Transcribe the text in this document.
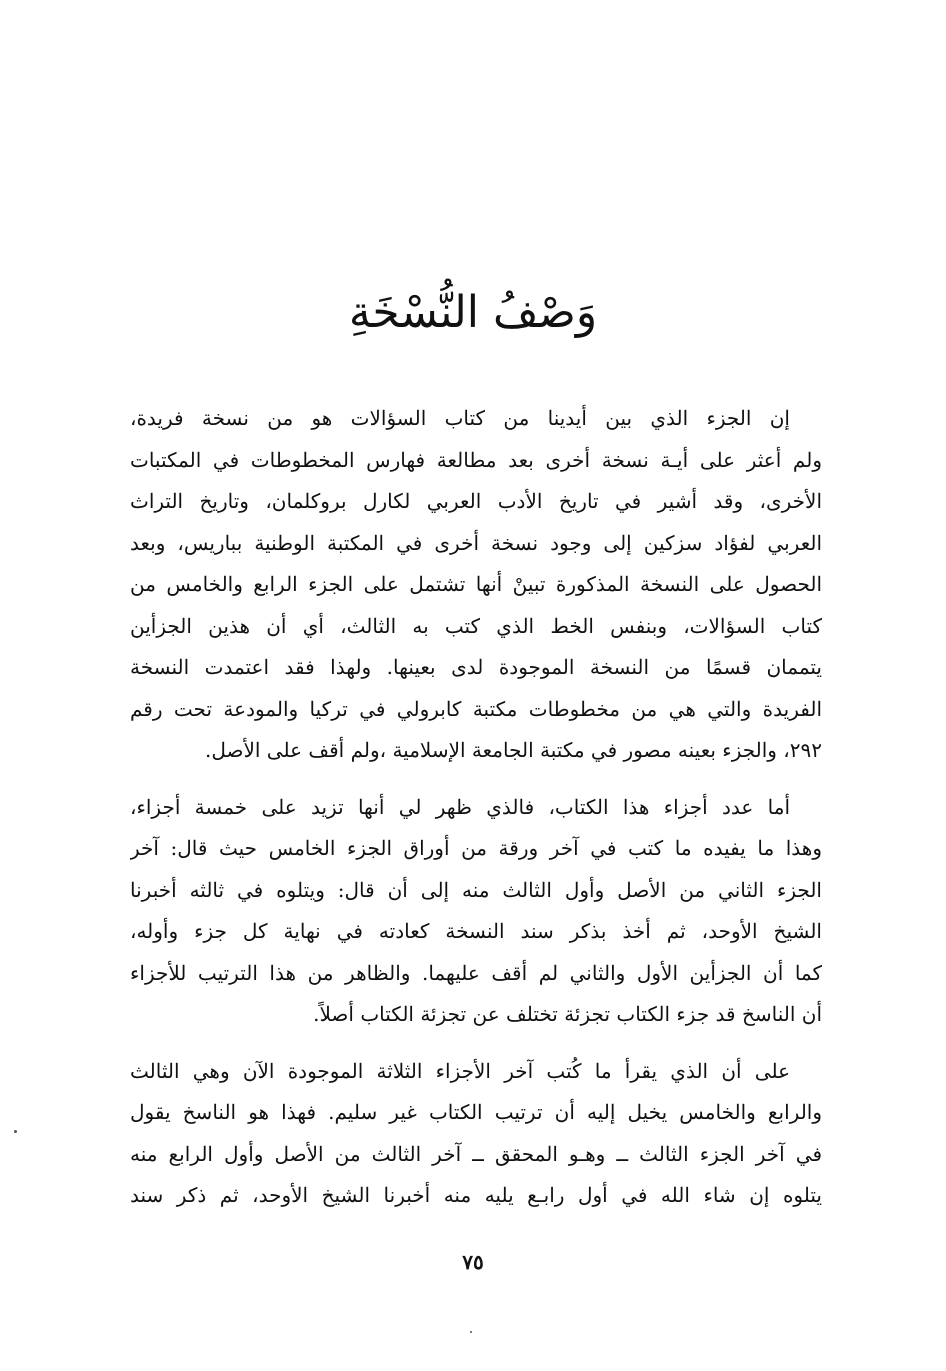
وَصْفُ النُّسْخَةِ
إن الجزء الذي بين أيدينا من كتاب السؤالات هو من نسخة فريدة،
ولم أعثر على أيـة نسخة أخرى بعد مطالعة فهارس المخطوطات في المكتبات
الأخرى، وقد أشير في تاريخ الأدب العربي لكارل بروكلمان، وتاريخ التراث
العربي لفؤاد سزكين إلى وجود نسخة أخرى في المكتبة الوطنية بباريس، وبعد
الحصول على النسخة المذكورة تبينْ أنها تشتمل على الجزء الرابع والخامس من
كتاب السؤالات، وبنفس الخط الذي كتب به الثالث، أي أن هذين الجزأين
يتممان قسمًا من النسخة الموجودة لدى بعينها. ولهذا فقد اعتمدت النسخة
الفريدة والتي هي من مخطوطات مكتبة كابرولي في تركيا والمودعة تحت رقم
٢٩٢، والجزء بعينه مصور في مكتبة الجامعة الإسلامية ،ولم أقف على الأصل.
أما عدد أجزاء هذا الكتاب، فالذي ظهر لي أنها تزيد على خمسة أجزاء،
وهذا ما يفيده ما كتب في آخر ورقة من أوراق الجزء الخامس حيث قال: آخر
الجزء الثاني من الأصل وأول الثالث منه إلى أن قال: ويتلوه في ثالثه أخبرنا
الشيخ الأوحد، ثم أخذ بذكر سند النسخة كعادته في نهاية كل جزء وأوله،
كما أن الجزأين الأول والثاني لم أقف عليهما. والظاهر من هذا الترتيب للأجزاء
أن الناسخ قد جزء الكتاب تجزئة تختلف عن تجزئة الكتاب أصلاً.
على أن الذي يقرأ ما كُتب آخر الأجزاء الثلاثة الموجودة الآن وهي الثالث
والرابع والخامس يخيل إليه أن ترتيب الكتاب غير سليم. فهذا هو الناسخ يقول
في آخر الجزء الثالث ــ وهـو المحقق ــ آخر الثالث من الأصل وأول الرابع منه
يتلوه إن شاء الله في أول رابـع يليه منه أخبرنا الشيخ الأوحد، ثم ذكر سند
٧٥
